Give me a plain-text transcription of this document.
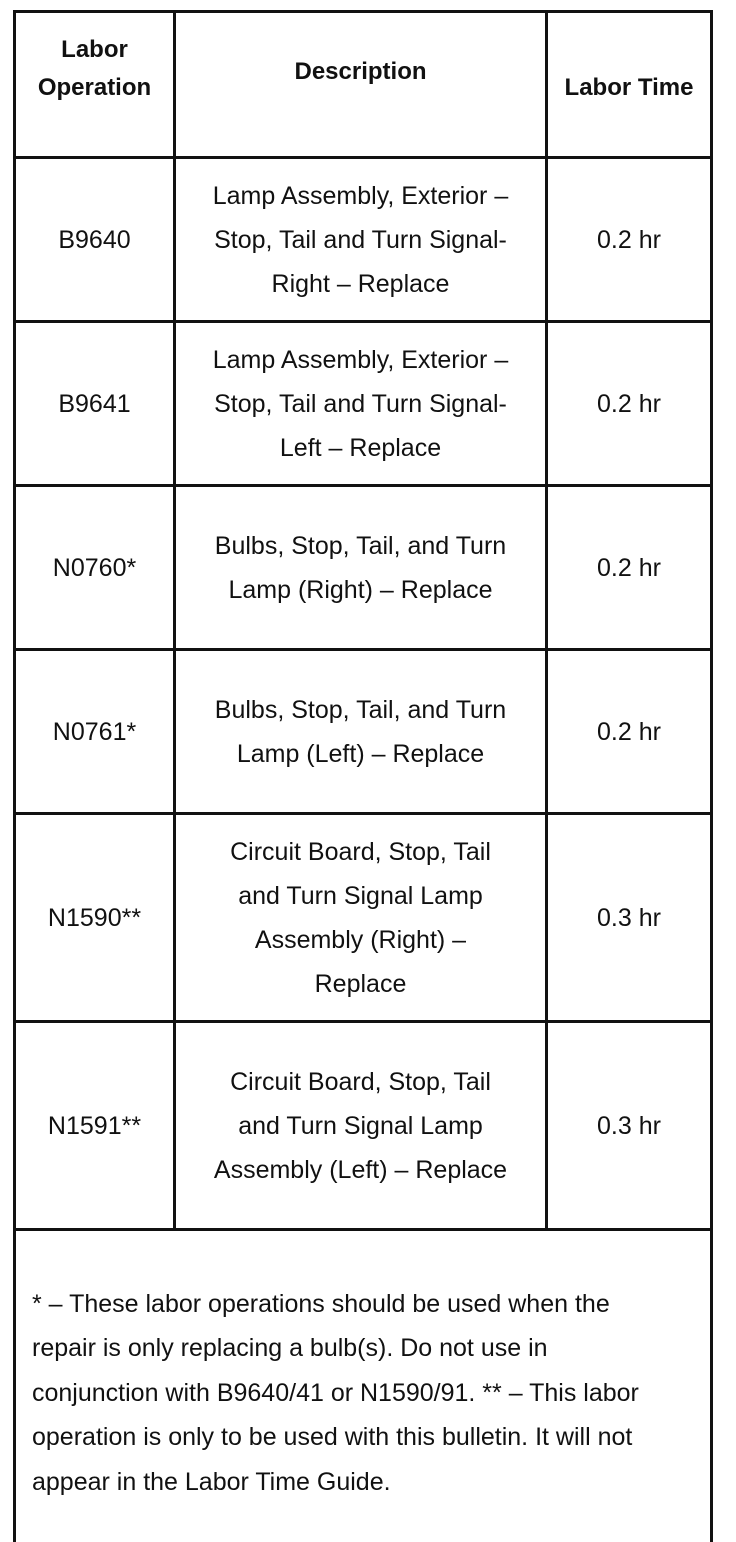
Labor Operation	Description	Labor Time
B9640	Lamp Assembly, Exterior – Stop, Tail and Turn Signal-Right – Replace	0.2 hr
B9641	Lamp Assembly, Exterior – Stop, Tail and Turn Signal-Left – Replace	0.2 hr
N0760*	Bulbs, Stop, Tail, and Turn Lamp (Right) – Replace	0.2 hr
N0761*	Bulbs, Stop, Tail, and Turn Lamp (Left) – Replace	0.2 hr
N1590**	Circuit Board, Stop, Tail and Turn Signal Lamp Assembly (Right) – Replace	0.3 hr
N1591**	Circuit Board, Stop, Tail and Turn Signal Lamp Assembly (Left) – Replace	0.3 hr
* – These labor operations should be used when the repair is only replacing a bulb(s). Do not use in conjunction with B9640/41 or N1590/91. ** – This labor operation is only to be used with this bulletin. It will not appear in the Labor Time Guide.		
